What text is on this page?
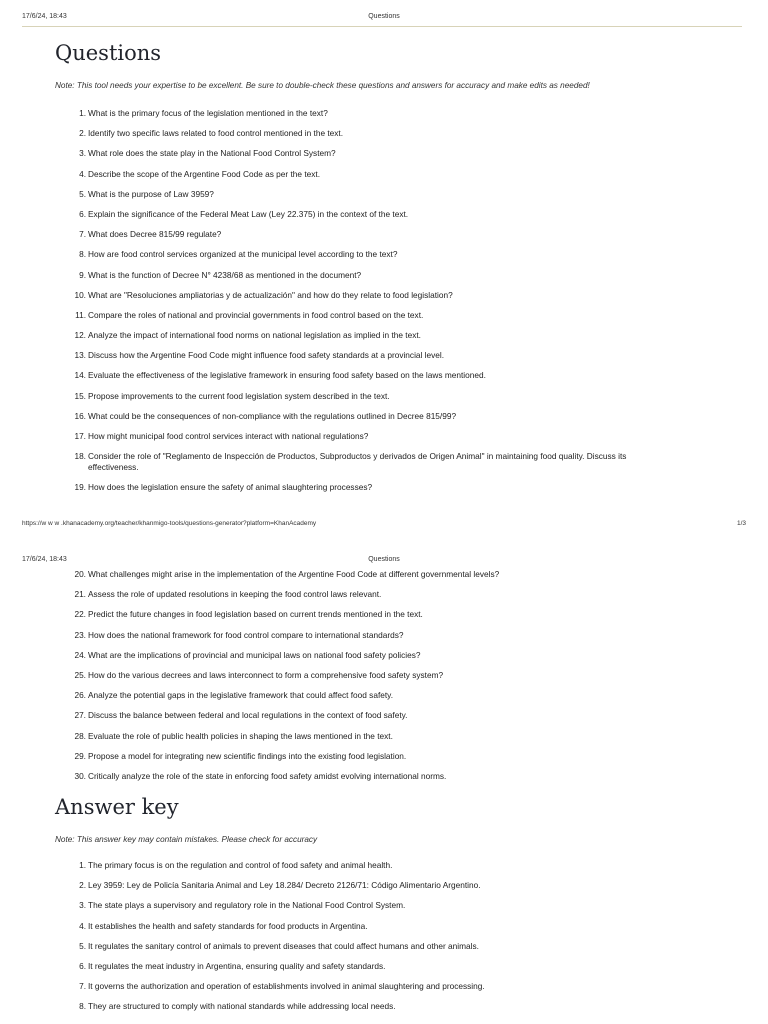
Questions
17/6/24, 18:43
Questions

Note: This tool needs your expertise to be excellent. Be sure to double-check these questions and answers for accuracy and make edits as needed!

1. What is the primary focus of the legislation mentioned in the text?
2. Identify two specific laws related to food control mentioned in the text.
3. What role does the state play in the National Food Control System?
4. Describe the scope of the Argentine Food Code as per the text.
5. What is the purpose of Law 3959?
6. Explain the significance of the Federal Meat Law (Ley 22.375) in the context of the text.
7. What does Decree 815/99 regulate?
8. How are food control services organized at the municipal level according to the text?
9. What is the function of Decree N° 4238/68 as mentioned in the document?
10. What are "Resoluciones ampliatorias y de actualización" and how do they relate to food legislation?
11. Compare the roles of national and provincial governments in food control based on the text.
12. Analyze the impact of international food norms on national legislation as implied in the text.
13. Discuss how the Argentine Food Code might influence food safety standards at a provincial level.
14. Evaluate the effectiveness of the legislative framework in ensuring food safety based on the laws mentioned.
15. Propose improvements to the current food legislation system described in the text.
16. What could be the consequences of non-compliance with the regulations outlined in Decree 815/99?
17. How might municipal food control services interact with national regulations?
18. Consider the role of "Reglamento de Inspección de Productos, Subproductos y derivados de Origen Animal" in maintaining food quality. Discuss its effectiveness.
19. How does the legislation ensure the safety of animal slaughtering processes?
https://w w w .khanacademy.org/teacher/khanmigo-tools/questions-generator?platform=KhanAcademy	1/3
Questions
17/6/24, 18:43
20. What challenges might arise in the implementation of the Argentine Food Code at different governmental levels?
21. Assess the role of updated resolutions in keeping the food control laws relevant.
22. Predict the future changes in food legislation based on current trends mentioned in the text.
23. How does the national framework for food control compare to international standards?
24. What are the implications of provincial and municipal laws on national food safety policies?
25. How do the various decrees and laws interconnect to form a comprehensive food safety system?
26. Analyze the potential gaps in the legislative framework that could affect food safety.
27. Discuss the balance between federal and local regulations in the context of food safety.
28. Evaluate the role of public health policies in shaping the laws mentioned in the text.
29. Propose a model for integrating new scientific findings into the existing food legislation.
30. Critically analyze the role of the state in enforcing food safety amidst evolving international norms.
Answer key

Note: This answer key may contain mistakes. Please check for accuracy

1. The primary focus is on the regulation and control of food safety and animal health.
2. Ley 3959: Ley de Policía Sanitaria Animal and Ley 18.284/ Decreto 2126/71: Código Alimentario Argentino.
3. The state plays a supervisory and regulatory role in the National Food Control System.
4. It establishes the health and safety standards for food products in Argentina.
5. It regulates the sanitary control of animals to prevent diseases that could affect humans and other animals.
6. It regulates the meat industry in Argentina, ensuring quality and safety standards.
7. It governs the authorization and operation of establishments involved in animal slaughtering and processing.
8. They are structured to comply with national standards while addressing local needs.
